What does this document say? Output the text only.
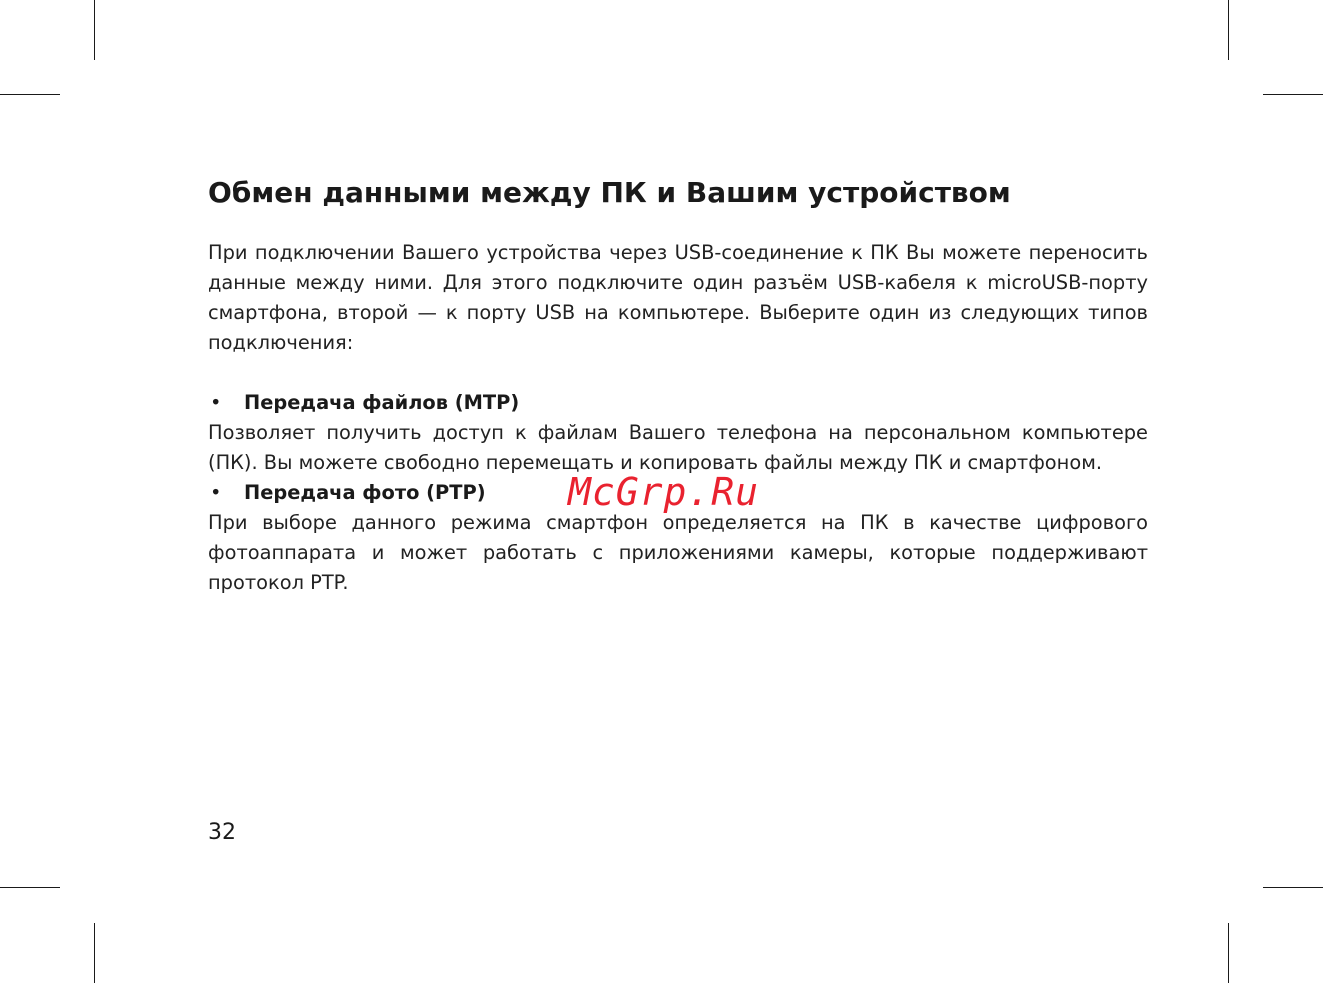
Обмен данными между ПК и Вашим устройством

При подключении Вашего устройства через USB-соединение к ПК Вы можете переносить данные между ними. Для этого подключите один разъём USB-кабеля к microUSB-порту смартфона, второй — к порту USB на компьютере. Выберите один из следующих типов подключения:

•	Передача файлов (MTP)

Позволяет получить доступ к файлам Вашего телефона на персональном компьютере (ПК). Вы можете свободно перемещать и копировать файлы между ПК и смартфоном.

•	Передача фото (PTP)

При выборе данного режима смартфон определяется на ПК в качестве цифрового фотоаппарата и может работать с приложениями камеры, которые поддерживают протокол PTP.

McGrp.Ru
32
